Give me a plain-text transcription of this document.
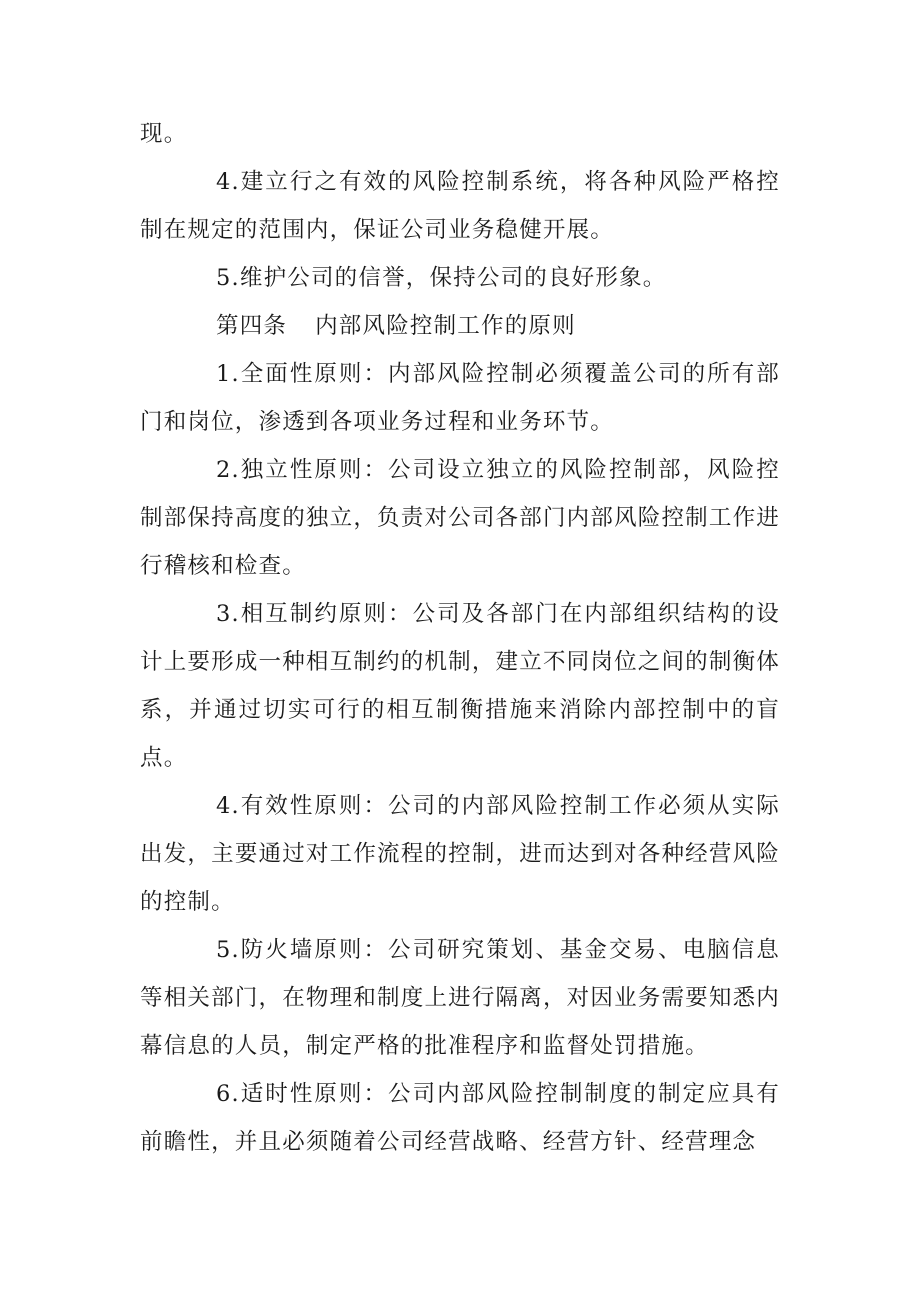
现。

4.建立行之有效的风险控制系统，将各种风险严格控制在规定的范围内，保证公司业务稳健开展。

5.维护公司的信誉，保持公司的良好形象。

第四条 内部风险控制工作的原则

1.全面性原则：内部风险控制必须覆盖公司的所有部门和岗位，渗透到各项业务过程和业务环节。

2.独立性原则：公司设立独立的风险控制部，风险控制部保持高度的独立，负责对公司各部门内部风险控制工作进行稽核和检查。

3.相互制约原则：公司及各部门在内部组织结构的设计上要形成一种相互制约的机制，建立不同岗位之间的制衡体系，并通过切实可行的相互制衡措施来消除内部控制中的盲点。

4.有效性原则：公司的内部风险控制工作必须从实际出发，主要通过对工作流程的控制，进而达到对各种经营风险的控制。

5.防火墙原则：公司研究策划、基金交易、电脑信息等相关部门，在物理和制度上进行隔离，对因业务需要知悉内幕信息的人员，制定严格的批准程序和监督处罚措施。

6.适时性原则：公司内部风险控制制度的制定应具有前瞻性，并且必须随着公司经营战略、经营方针、经营理念
